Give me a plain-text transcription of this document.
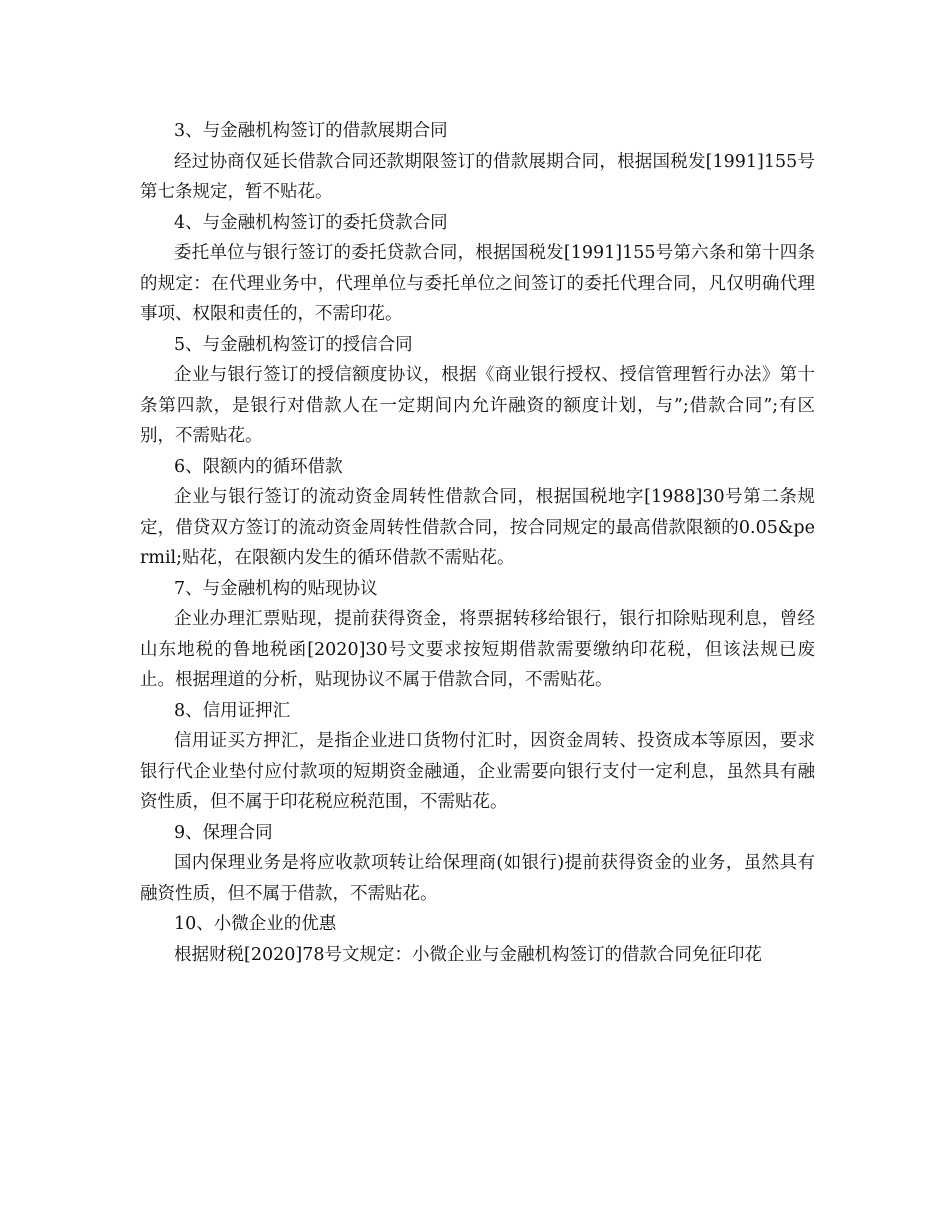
3、与金融机构签订的借款展期合同

经过协商仅延长借款合同还款期限签订的借款展期合同，根据国税发[1991]155号第七条规定，暂不贴花。

4、与金融机构签订的委托贷款合同

委托单位与银行签订的委托贷款合同，根据国税发[1991]155号第六条和第十四条的规定：在代理业务中，代理单位与委托单位之间签订的委托代理合同，凡仅明确代理事项、权限和责任的，不需印花。

5、与金融机构签订的授信合同

企业与银行签订的授信额度协议，根据《商业银行授权、授信管理暂行办法》第十条第四款，是银行对借款人在一定期间内允许融资的额度计划，与”;借款合同”;有区别，不需贴花。

6、限额内的循环借款

企业与银行签订的流动资金周转性借款合同，根据国税地字[1988]30号第二条规定，借贷双方签订的流动资金周转性借款合同，按合同规定的最高借款限额的0.05&permil;贴花，在限额内发生的循环借款不需贴花。

7、与金融机构的贴现协议

企业办理汇票贴现，提前获得资金，将票据转移给银行，银行扣除贴现利息，曾经山东地税的鲁地税函[2020]30号文要求按短期借款需要缴纳印花税，但该法规已废止。根据理道的分析，贴现协议不属于借款合同，不需贴花。

8、信用证押汇

信用证买方押汇，是指企业进口货物付汇时，因资金周转、投资成本等原因，要求银行代企业垫付应付款项的短期资金融通，企业需要向银行支付一定利息，虽然具有融资性质，但不属于印花税应税范围，不需贴花。

9、保理合同

国内保理业务是将应收款项转让给保理商(如银行)提前获得资金的业务，虽然具有融资性质，但不属于借款，不需贴花。

10、小微企业的优惠

根据财税[2020]78号文规定：小微企业与金融机构签订的借款合同免征印花
